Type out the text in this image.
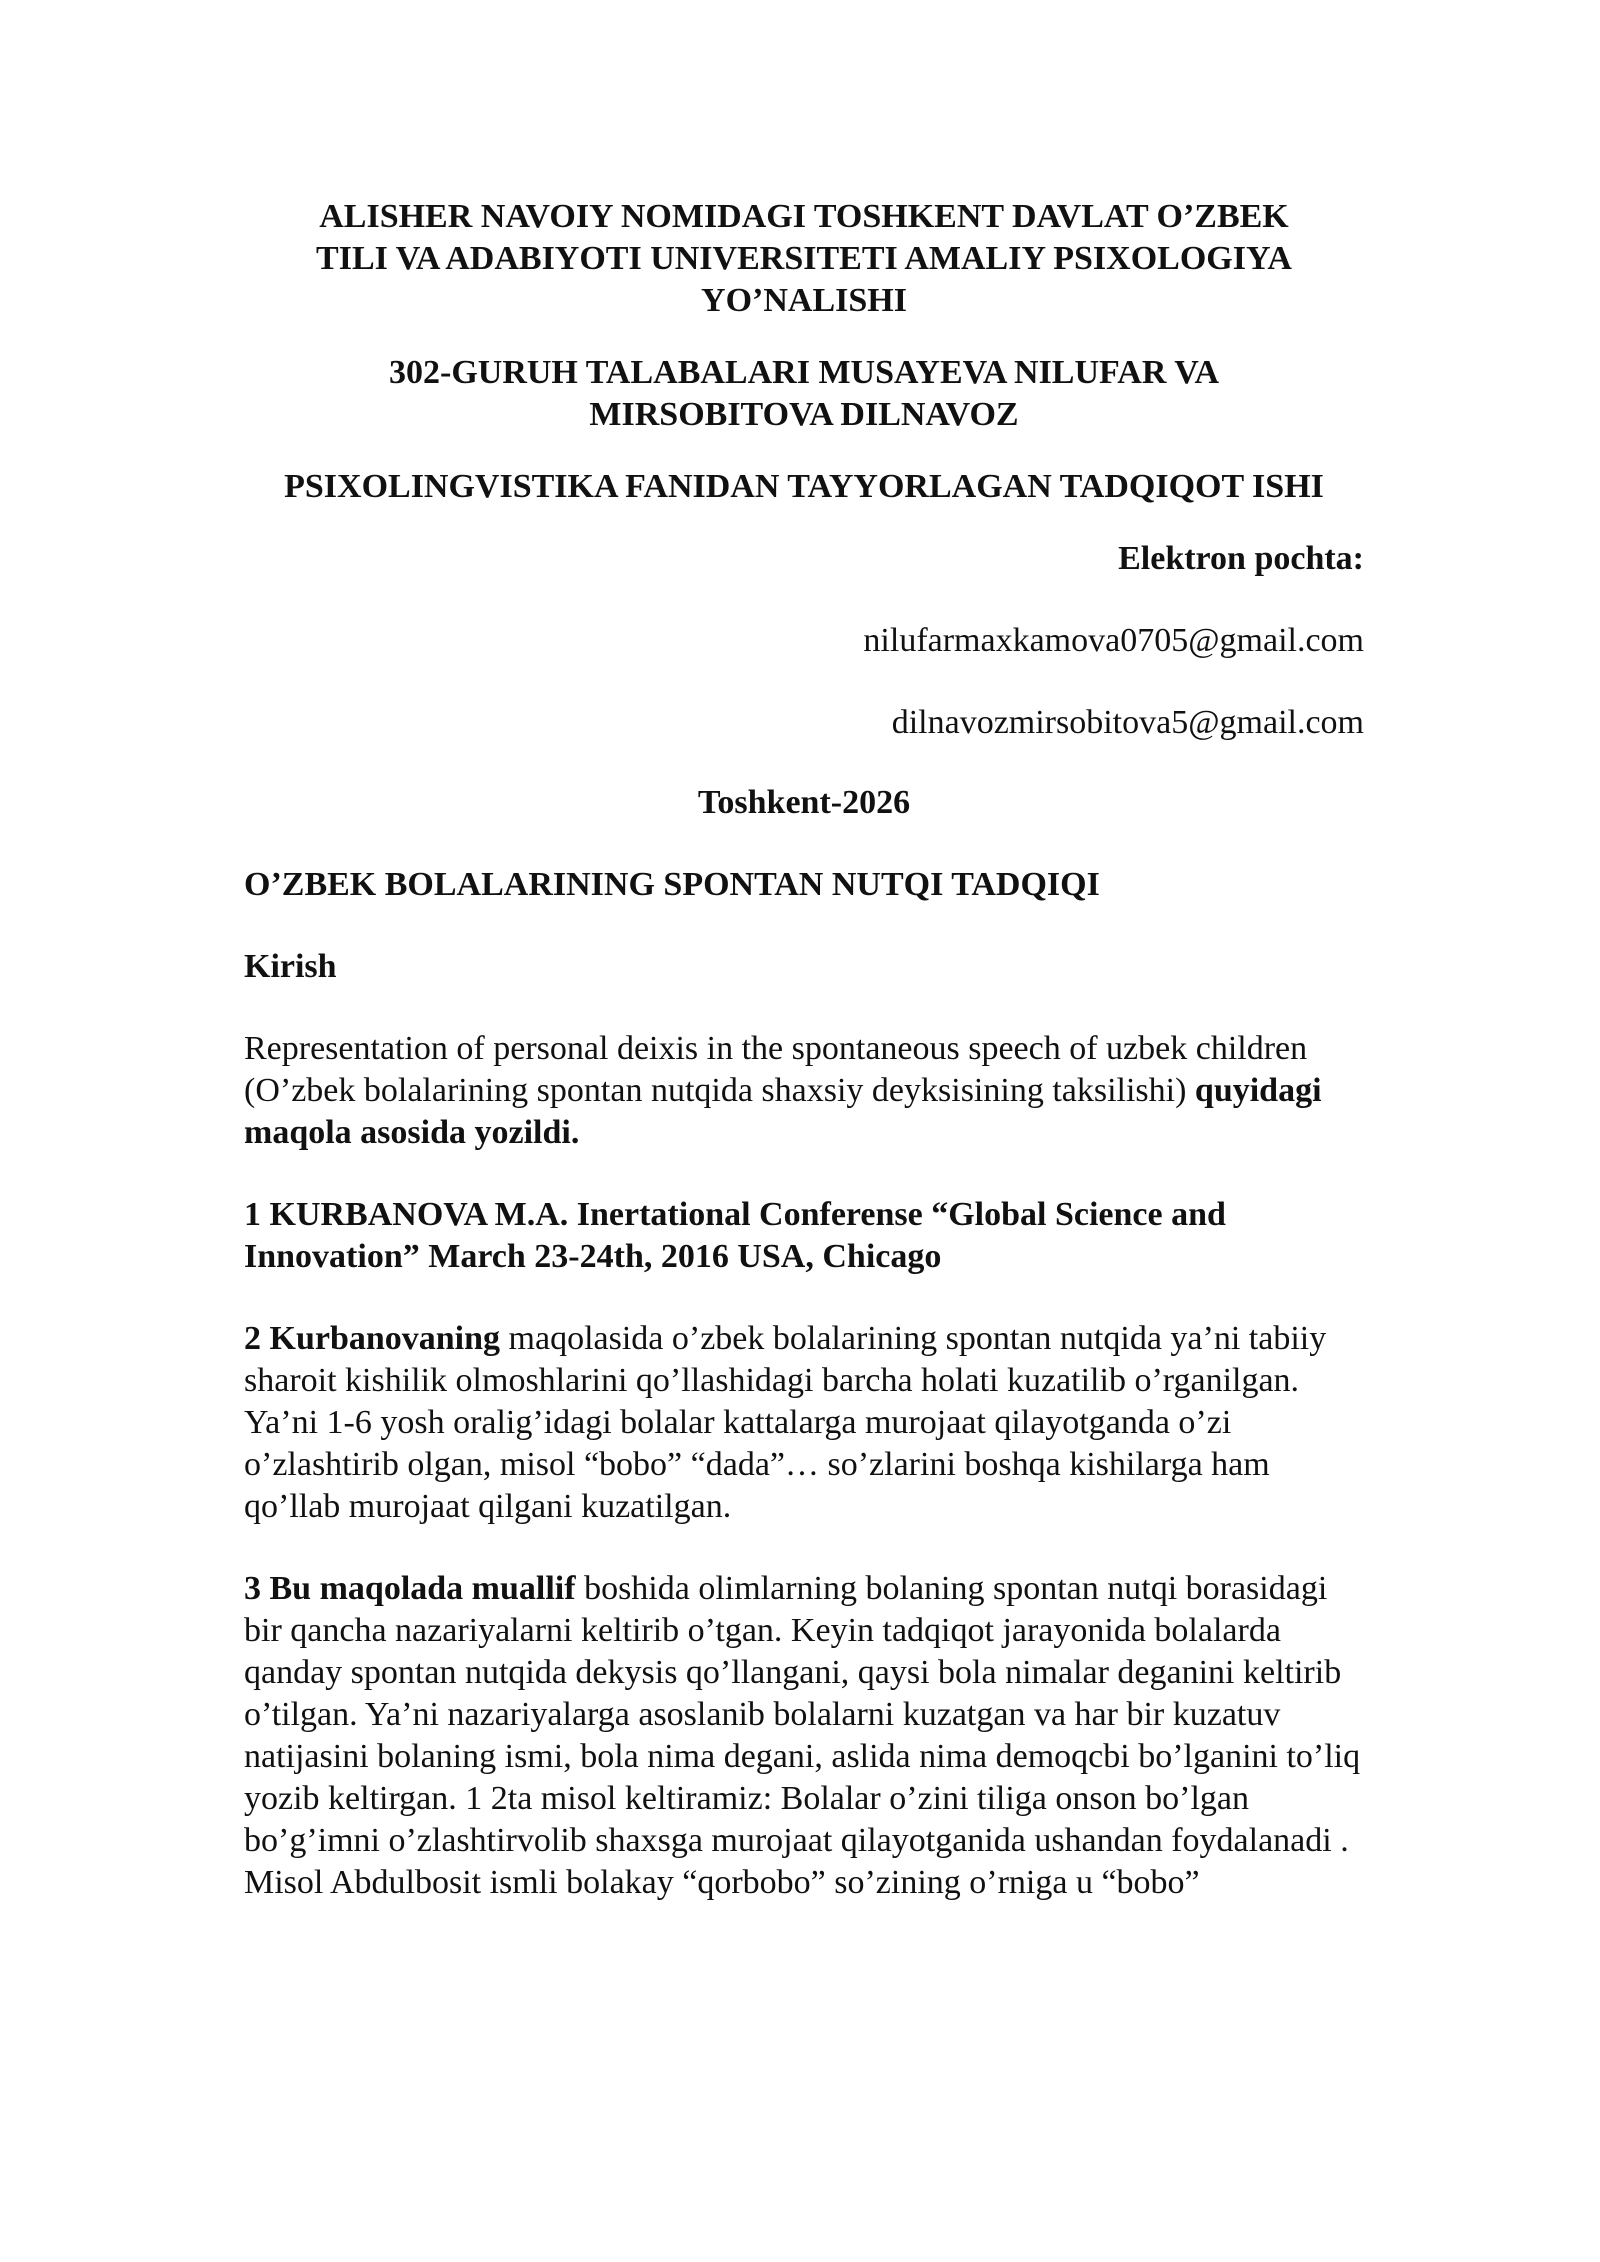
ALISHER NAVOIY NOMIDAGI TOSHKENT DAVLAT O’ZBEK TILI VA ADABIYOTI UNIVERSITETI AMALIY PSIXOLOGIYA YO’NALISHI

302-GURUH TALABALARI MUSAYEVA NILUFAR VA MIRSOBITOVA DILNAVOZ

PSIXOLINGVISTIKA FANIDAN TAYYORLAGAN TADQIQOT ISHI

Elektron pochta:

nilufarmaxkamova0705@gmail.com

dilnavozmirsobitova5@gmail.com

Toshkent-2026

O’ZBEK BOLALARINING SPONTAN NUTQI TADQIQI

Kirish

Representation of personal deixis in the spontaneous speech of uzbek children (O’zbek bolalarining spontan nutqida shaxsiy deyksisining taksilishi) quyidagi maqola asosida yozildi.

1 KURBANOVA M.A. Inertational Conferense “Global Science and Innovation” March 23-24th, 2016 USA, Chicago

2 Kurbanovaning maqolasida o’zbek bolalarining spontan nutqida ya’ni tabiiy sharoit kishilik olmoshlarini qo’llashidagi barcha holati kuzatilib o’rganilgan. Ya’ni 1-6 yosh oralig’idagi bolalar kattalarga murojaat qilayotganda o’zi o’zlashtirib olgan, misol “bobo” “dada”… so’zlarini boshqa kishilarga ham qo’llab murojaat qilgani kuzatilgan.

3 Bu maqolada muallif boshida olimlarning bolaning spontan nutqi borasidagi bir qancha nazariyalarni keltirib o’tgan. Keyin tadqiqot jarayonida bolalarda qanday spontan nutqida dekysis qo’llangani, qaysi bola nimalar deganini keltirib o’tilgan. Ya’ni nazariyalarga asoslanib bolalarni kuzatgan va har bir kuzatuv natijasini bolaning ismi, bola nima degani, aslida nima demoqcbi bo’lganini to’liq yozib keltirgan. 1 2ta misol keltiramiz: Bolalar o’zini tiliga onson bo’lgan bo’g’imni o’zlashtirvolib shaxsga murojaat qilayotganida ushandan foydalanadi . Misol Abdulbosit ismli bolakay “qorbobo” so’zining o’rniga u “bobo”
